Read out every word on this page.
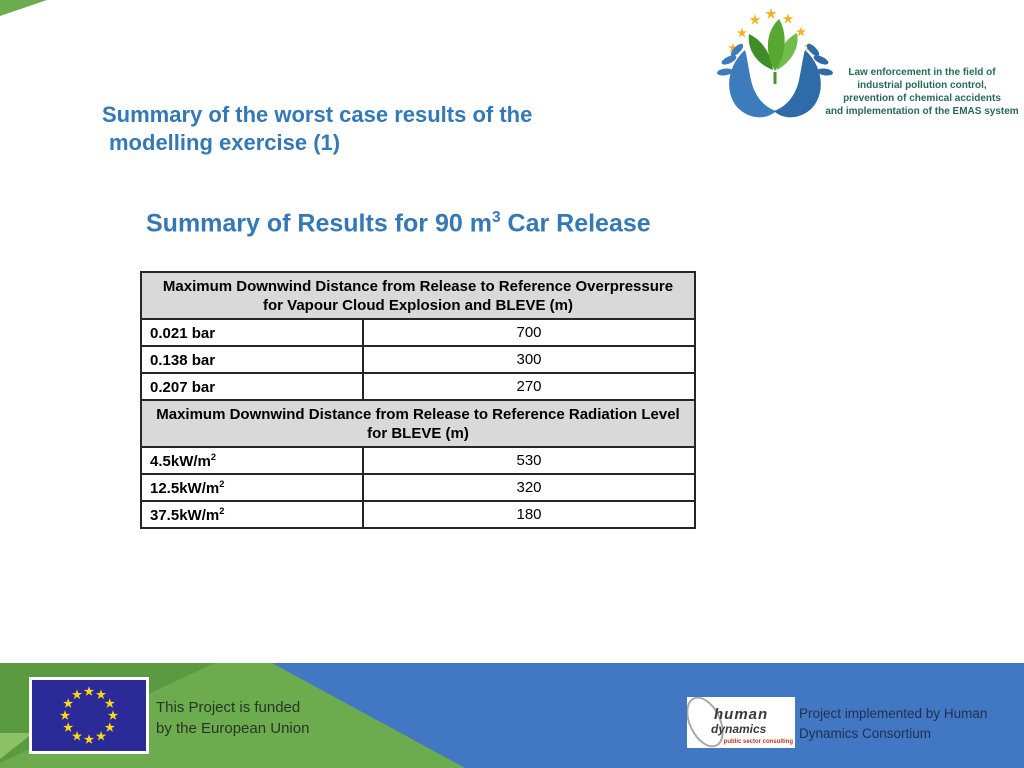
Law enforcement in the field of
industrial pollution control,
prevention of chemical accidents
and implementation of the EMAS system
Summary of the worst case results of the
modelling exercise (1)
Summary of Results for 90 $m^3$ Car Release
Maximum Downwind Distance from Release to Reference Overpressure for Vapour Cloud Explosion and BLEVE (m)	
0.021 bar	700
0.138 bar	300
0.207 bar	270
Maximum Downwind Distance from Release to Reference Radiation Level for BLEVE (m)	
$4.5kW/m^2$	530
$12.5kW/m^2$	320
$37.5kW/m^2$	180
This Project is funded
by the European Union
human
dynamics
public sector consulting
Project implemented by Human
Dynamics Consortium
